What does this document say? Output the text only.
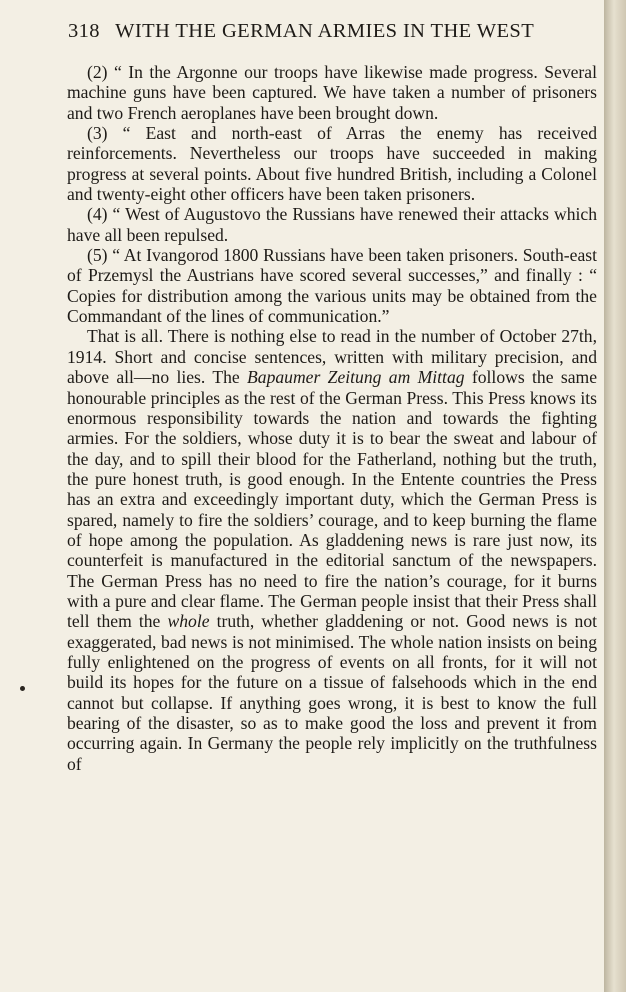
318 WITH THE GERMAN ARMIES IN THE WEST

(2) “ In the Argonne our troops have likewise made progress. Several machine guns have been captured. We have taken a number of prisoners and two French aeroplanes have been brought down.

(3) “ East and north-east of Arras the enemy has received reinforcements. Nevertheless our troops have succeeded in making progress at several points. About five hundred British, including a Colonel and twenty-eight other officers have been taken prisoners.

(4) “ West of Augustovo the Russians have renewed their attacks which have all been repulsed.

(5) “ At Ivangorod 1800 Russians have been taken prisoners. South-east of Przemysl the Austrians have scored several successes,” and finally : “ Copies for distribution among the various units may be obtained from the Commandant of the lines of communication.”

That is all. There is nothing else to read in the number of October 27th, 1914. Short and concise sentences, written with military precision, and above all—no lies. The Bapaumer Zeitung am Mittag follows the same honourable principles as the rest of the German Press. This Press knows its enormous responsibility towards the nation and towards the fighting armies. For the soldiers, whose duty it is to bear the sweat and labour of the day, and to spill their blood for the Fatherland, nothing but the truth, the pure honest truth, is good enough. In the Entente countries the Press has an extra and exceedingly important duty, which the German Press is spared, namely to fire the soldiers’ courage, and to keep burning the flame of hope among the population. As gladdening news is rare just now, its counterfeit is manufactured in the editorial sanctum of the newspapers. The German Press has no need to fire the nation’s courage, for it burns with a pure and clear flame. The German people insist that their Press shall tell them the whole truth, whether gladdening or not. Good news is not exaggerated, bad news is not minimised. The whole nation insists on being fully enlightened on the progress of events on all fronts, for it will not build its hopes for the future on a tissue of falsehoods which in the end cannot but collapse. If anything goes wrong, it is best to know the full bearing of the disaster, so as to make good the loss and prevent it from occurring again. In Germany the people rely implicitly on the truthfulness of
